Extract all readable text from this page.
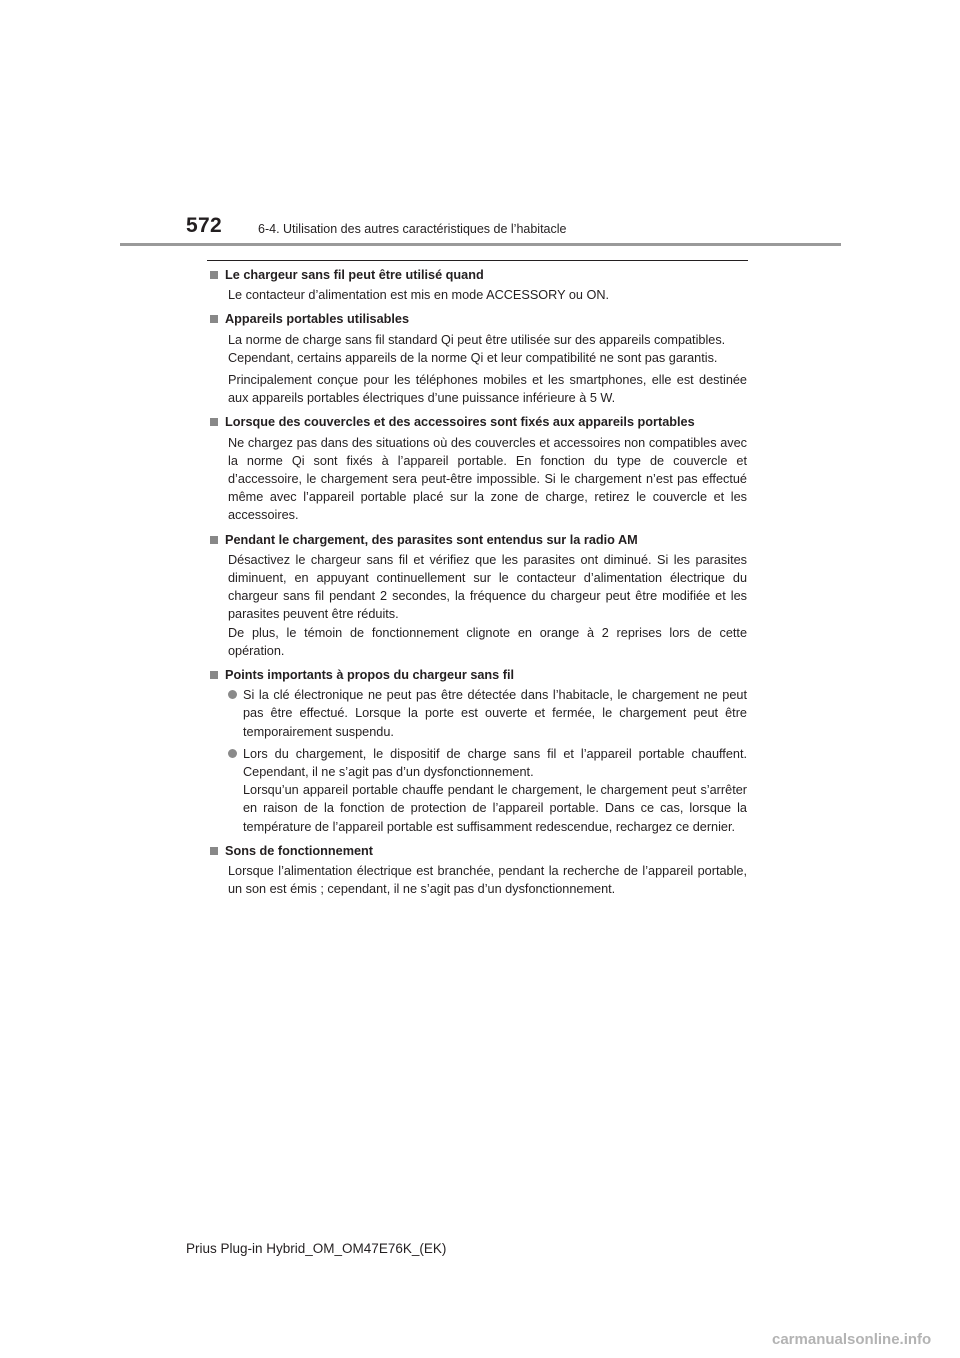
572	6-4. Utilisation des autres caractéristiques de l’habitacle
Le chargeur sans fil peut être utilisé quand
Le contacteur d’alimentation est mis en mode ACCESSORY ou ON.
Appareils portables utilisables
La norme de charge sans fil standard Qi peut être utilisée sur des appareils compatibles.
Cependant, certains appareils de la norme Qi et leur compatibilité ne sont pas garantis.
Principalement conçue pour les téléphones mobiles et les smartphones, elle est destinée aux appareils portables électriques d’une puissance inférieure à 5 W.
Lorsque des couvercles et des accessoires sont fixés aux appareils portables
Ne chargez pas dans des situations où des couvercles et accessoires non compatibles avec la norme Qi sont fixés à l’appareil portable. En fonction du type de couvercle et d’accessoire, le chargement sera peut-être impossible. Si le chargement n’est pas effectué même avec l’appareil portable placé sur la zone de charge, retirez le couvercle et les accessoires.
Pendant le chargement, des parasites sont entendus sur la radio AM
Désactivez le chargeur sans fil et vérifiez que les parasites ont diminué. Si les parasites diminuent, en appuyant continuellement sur le contacteur d’alimentation électrique du chargeur sans fil pendant 2 secondes, la fréquence du chargeur peut être modifiée et les parasites peuvent être réduits.
De plus, le témoin de fonctionnement clignote en orange à 2 reprises lors de cette opération.
Points importants à propos du chargeur sans fil
Si la clé électronique ne peut pas être détectée dans l’habitacle, le chargement ne peut pas être effectué. Lorsque la porte est ouverte et fermée, le chargement peut être temporairement suspendu.
Lors du chargement, le dispositif de charge sans fil et l’appareil portable chauffent. Cependant, il ne s’agit pas d’un dysfonctionnement.
Lorsqu’un appareil portable chauffe pendant le chargement, le chargement peut s’arrêter en raison de la fonction de protection de l’appareil portable. Dans ce cas, lorsque la température de l’appareil portable est suffisamment redescendue, rechargez ce dernier.
Sons de fonctionnement
Lorsque l’alimentation électrique est branchée, pendant la recherche de l’appareil portable, un son est émis ; cependant, il ne s’agit pas d’un dysfonctionnement.
Prius Plug-in Hybrid_OM_OM47E76K_(EK)
carmanualsonline.info
